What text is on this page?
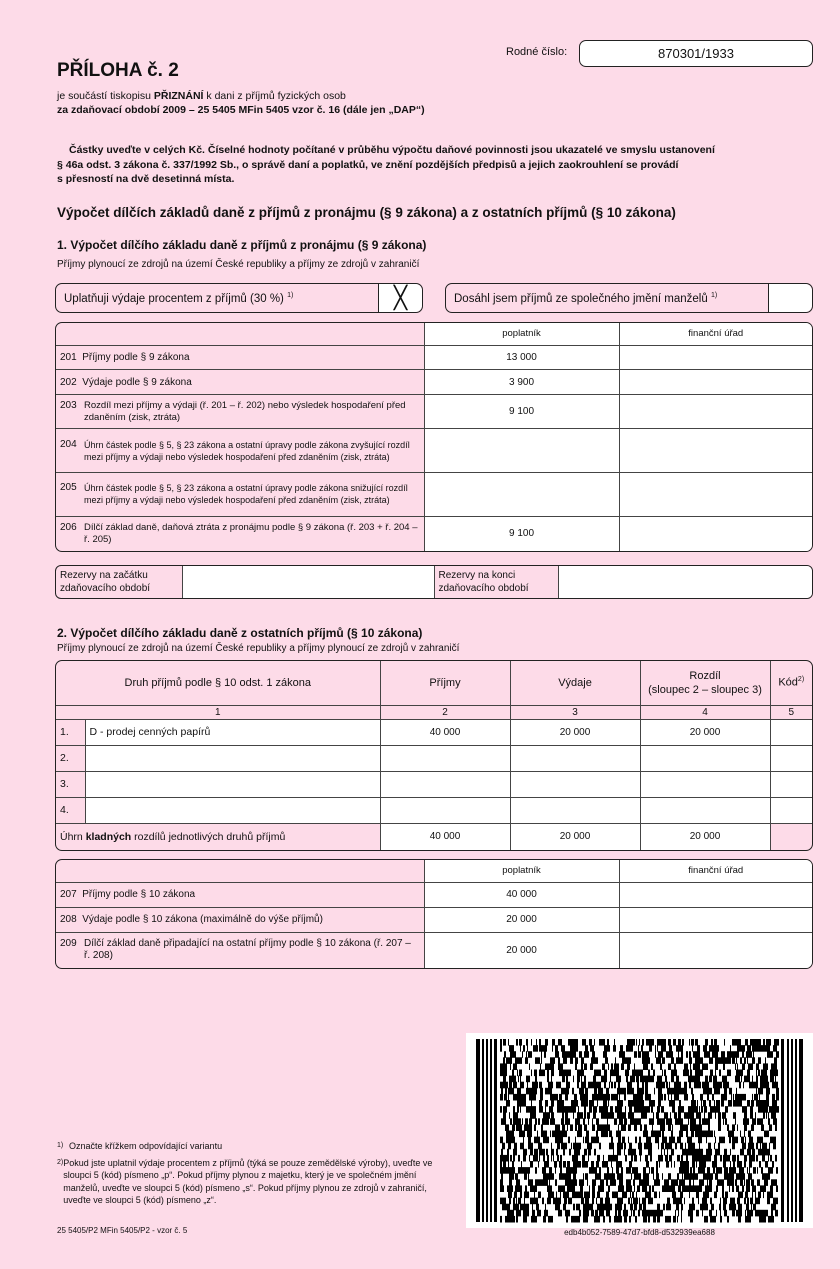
PŘÍLOHA č. 2
je součástí tiskopisu PŘIZNÁNÍ k dani z příjmů fyzických osob
za zdaňovací období 2009 – 25 5405 MFin 5405 vzor č. 16 (dále jen „DAP“)
Rodné číslo:	870301/1933
Částky uveďte v celých Kč. Číselné hodnoty počítané v průběhu výpočtu daňové povinnosti jsou ukazatelé ve smyslu ustanovení
§ 46a odst. 3 zákona č. 337/1992 Sb., o správě daní a poplatků, ve znění pozdějších předpisů a jejich zaokrouhlení se provádí
s přesností na dvě desetinná místa.
Výpočet dílčích základů daně z příjmů z pronájmu (§ 9 zákona) a z ostatních příjmů (§ 10 zákona)
1. Výpočet dílčího základu daně z příjmů z pronájmu (§ 9 zákona)
Příjmy plynoucí ze zdrojů na území České republiky a příjmy ze zdrojů v zahraničí
Uplatňuji výdaje procentem z příjmů (30 %) $^{1)}$	╳	Dosáhl jsem příjmů ze společného jmění manželů $^{1)}$
	poplatník	finanční úřad
201 Příjmy podle § 9 zákona	13 000	
202 Výdaje podle § 9 zákona	3 900	

203 Rozdíl mezi příjmy a výdaji (ř. 201 – ř. 202) nebo výsledek hospodaření před zdaněním (zisk, ztráta)	9 100	

204 Úhrn částek podle § 5, § 23 zákona a ostatní úpravy podle zákona zvyšující rozdíl mezi příjmy a výdaji nebo výsledek hospodaření před zdaněním (zisk, ztráta)		

205 Úhrn částek podle § 5, § 23 zákona a ostatní úpravy podle zákona snižující rozdíl mezi příjmy a výdaji nebo výsledek hospodaření před zdaněním (zisk, ztráta)		

206 Dílčí základ daně, daňová ztráta z pronájmu podle § 9 zákona (ř. 203 + ř. 204 – ř. 205)	9 100	
Rezervy na začátku zdaňovacího období		Rezervy na konci zdaňovacího období	
2. Výpočet dílčího základu daně z ostatních příjmů (§ 10 zákona)
Příjmy plynoucí ze zdrojů na území České republiky a příjmy plynoucí ze zdrojů v zahraničí
Druh příjmů podle § 10 odst. 1 zákona		Příjmy	Výdaje	Rozdíl
(sloupec 2 – sloupec 3)	Kód$^{2)}$
1		2	3	4	5
1.	D - prodej cenných papírů	40 000	20 000	20 000	
2.					
3.					
4.					
Úhrn kladných rozdílů jednotlivých druhů příjmů		40 000	20 000	20 000	
	poplatník	finanční úřad
207 Příjmy podle § 10 zákona	40 000	
208 Výdaje podle § 10 zákona (maximálně do výše příjmů)	20 000	

209 Dílčí základ daně připadající na ostatní příjmy podle § 10 zákona (ř. 207 – ř. 208)	20 000	
edb4b052-7589-47d7-bfd8-d532939ea688
1) Označte křížkem odpovídající variantu
2) Pokud jste uplatnil výdaje procentem z příjmů (týká se pouze zemědělské výroby), uveďte ve sloupci 5 (kód) písmeno „p“. Pokud příjmy plynou z majetku, který je ve společném jmění manželů, uveďte ve sloupci 5 (kód) písmeno „s“. Pokud příjmy plynou ze zdrojů v zahraničí, uveďte ve sloupci 5 (kód) písmeno „z“.
25 5405/P2 MFin 5405/P2 - vzor č. 5
